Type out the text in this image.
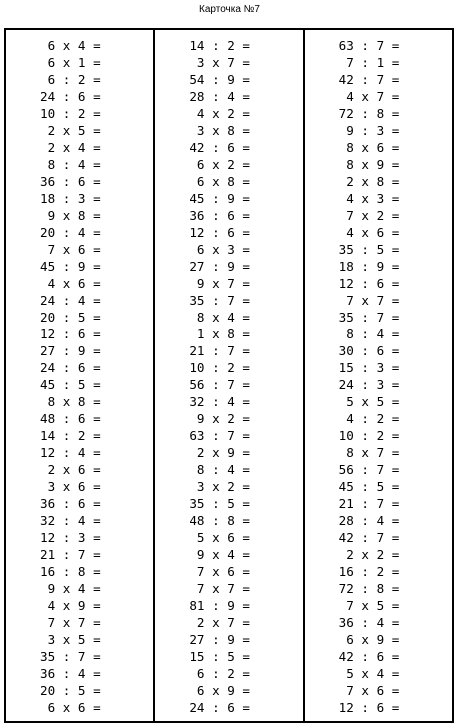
Карточка №7
6 x 4 =
6 x 1 =
6 : 2 =
24 : 6 =
10 : 2 =
2 x 5 =
2 x 4 =
8 : 4 =
36 : 6 =
18 : 3 =
9 x 8 =
20 : 4 =
7 x 6 =
45 : 9 =
4 x 6 =
24 : 4 =
20 : 5 =
12 : 6 =
27 : 9 =
24 : 6 =
45 : 5 =
8 x 8 =
48 : 6 =
14 : 2 =
12 : 4 =
2 x 6 =
3 x 6 =
36 : 6 =
32 : 4 =
12 : 3 =
21 : 7 =
16 : 8 =
9 x 4 =
4 x 9 =
7 x 7 =
3 x 5 =
35 : 7 =
36 : 4 =
20 : 5 =
6 x 6 =
14 : 2 =
3 x 7 =
54 : 9 =
28 : 4 =
4 x 2 =
3 x 8 =
42 : 6 =
6 x 2 =
6 x 8 =
45 : 9 =
36 : 6 =
12 : 6 =
6 x 3 =
27 : 9 =
9 x 7 =
35 : 7 =
8 x 4 =
1 x 8 =
21 : 7 =
10 : 2 =
56 : 7 =
32 : 4 =
9 x 2 =
63 : 7 =
2 x 9 =
8 : 4 =
3 x 2 =
35 : 5 =
48 : 8 =
5 x 6 =
9 x 4 =
7 x 6 =
7 x 7 =
81 : 9 =
2 x 7 =
27 : 9 =
15 : 5 =
6 : 2 =
6 x 9 =
24 : 6 =
63 : 7 =
7 : 1 =
42 : 7 =
4 x 7 =
72 : 8 =
9 : 3 =
8 x 6 =
8 x 9 =
2 x 8 =
4 x 3 =
7 x 2 =
4 x 6 =
35 : 5 =
18 : 9 =
12 : 6 =
7 x 7 =
35 : 7 =
8 : 4 =
30 : 6 =
15 : 3 =
24 : 3 =
5 x 5 =
4 : 2 =
10 : 2 =
8 x 7 =
56 : 7 =
45 : 5 =
21 : 7 =
28 : 4 =
42 : 7 =
2 x 2 =
16 : 2 =
72 : 8 =
7 x 5 =
36 : 4 =
6 x 9 =
42 : 6 =
5 x 4 =
7 x 6 =
12 : 6 =
